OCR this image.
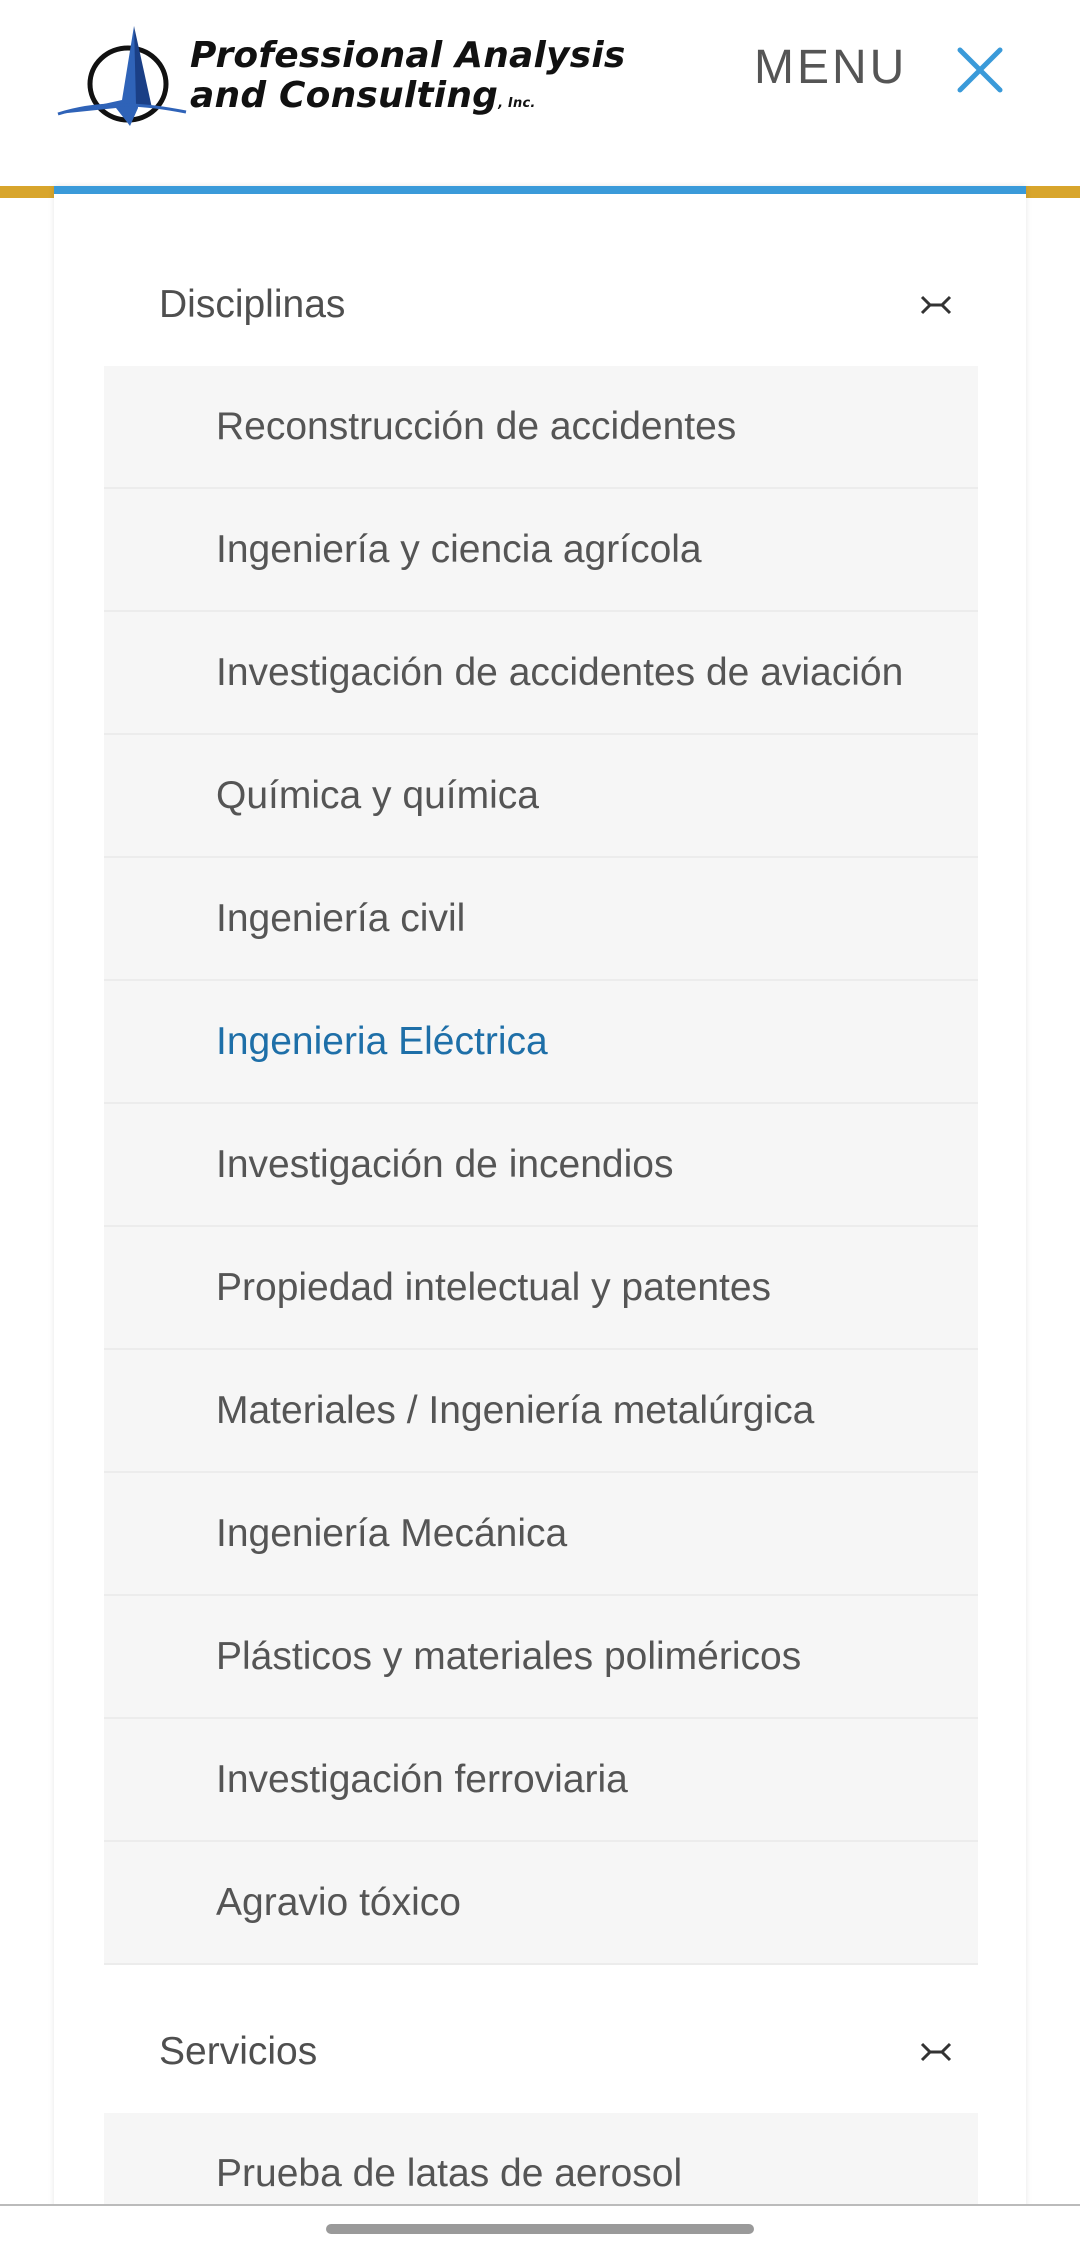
Professional Analysis
and Consulting, Inc.
MENU
Disciplinas
Reconstrucción de accidentes
Ingeniería y ciencia agrícola
Investigación de accidentes de aviación
Química y química
Ingeniería civil
Ingenieria Eléctrica
Investigación de incendios
Propiedad intelectual y patentes
Materiales / Ingeniería metalúrgica
Ingeniería Mecánica
Plásticos y materiales poliméricos
Investigación ferroviaria
Agravio tóxico
Servicios
Prueba de latas de aerosol
